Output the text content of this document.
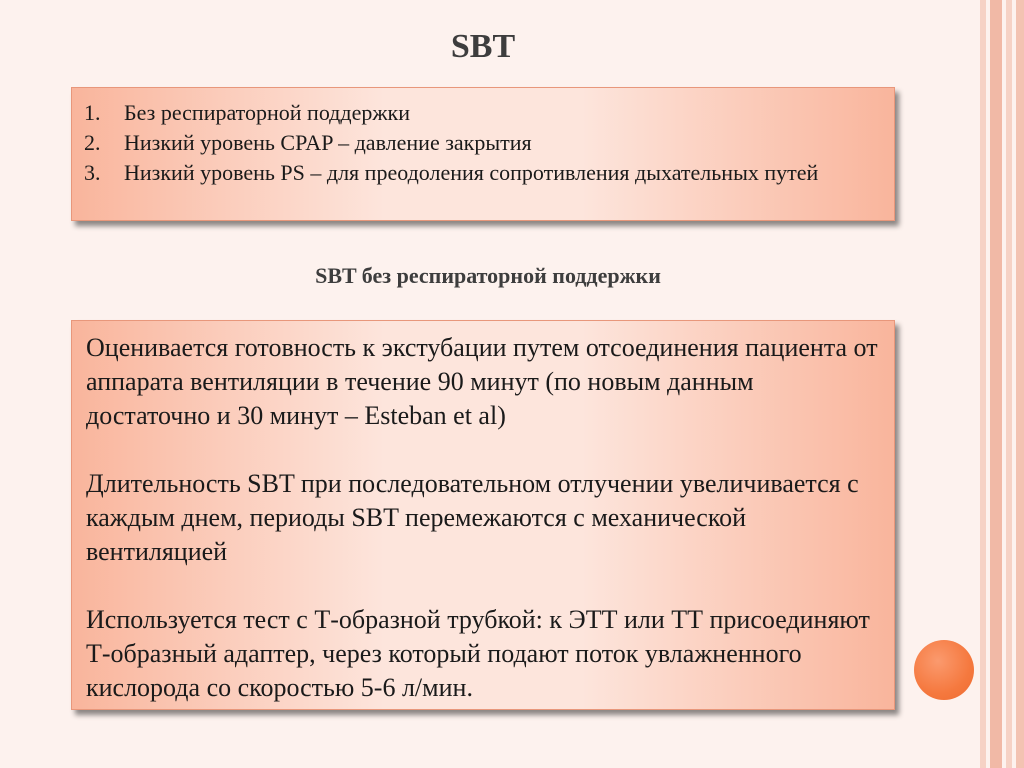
SBT
1.	Без респираторной поддержки
2.	Низкий уровень CPAP – давление закрытия
3.	Низкий уровень PS – для преодоления сопротивления дыхательных путей
SBT без респираторной поддержки

Оценивается готовность к экстубации путем отсоединения пациента от аппарата вентиляции в течение 90 минут (по новым данным достаточно и 30 минут – Esteban et al)

Длительность SBT при последовательном отлучении увеличивается с каждым днем, периоды SBT перемежаются с механической вентиляцией

Используется тест с Т-образной трубкой: к ЭТТ или ТТ присоединяют Т-образный адаптер, через который подают поток увлажненного кислорода со скоростью 5-6 л/мин.
